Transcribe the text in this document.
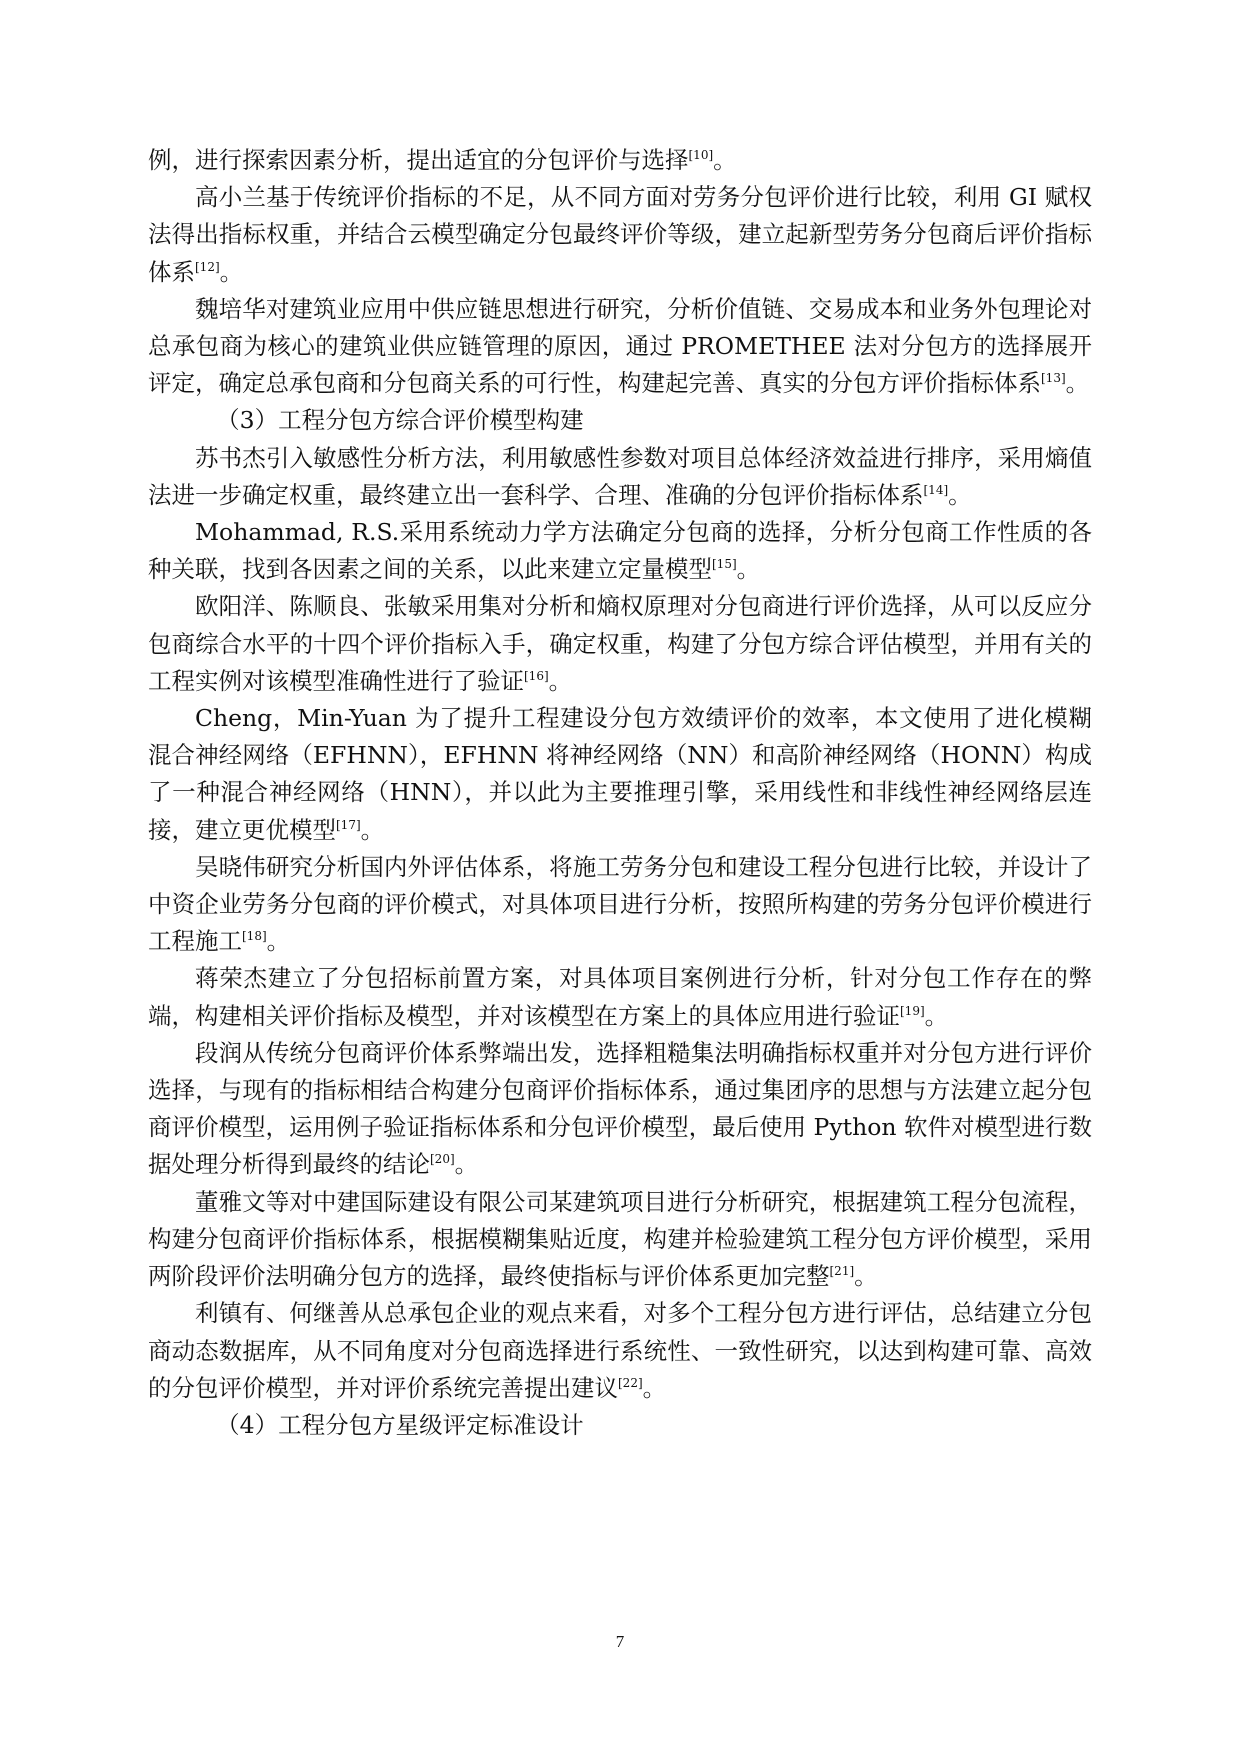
例，进行探索因素分析，提出适宜的分包评价与选择[10]。

高小兰基于传统评价指标的不足，从不同方面对劳务分包评价进行比较，利用 GI 赋权法得出指标权重，并结合云模型确定分包最终评价等级，建立起新型劳务分包商后评价指标体系[12]。

魏培华对建筑业应用中供应链思想进行研究，分析价值链、交易成本和业务外包理论对总承包商为核心的建筑业供应链管理的原因，通过 PROMETHEE 法对分包方的选择展开评定，确定总承包商和分包商关系的可行性，构建起完善、真实的分包方评价指标体系[13]。

（3）工程分包方综合评价模型构建

苏书杰引入敏感性分析方法，利用敏感性参数对项目总体经济效益进行排序，采用熵值法进一步确定权重，最终建立出一套科学、合理、准确的分包评价指标体系[14]。

Mohammad, R.S.采用系统动力学方法确定分包商的选择，分析分包商工作性质的各种关联，找到各因素之间的关系，以此来建立定量模型[15]。

欧阳洋、陈顺良、张敏采用集对分析和熵权原理对分包商进行评价选择，从可以反应分包商综合水平的十四个评价指标入手，确定权重，构建了分包方综合评估模型，并用有关的工程实例对该模型准确性进行了验证[16]。

Cheng，Min-Yuan 为了提升工程建设分包方效绩评价的效率，本文使用了进化模糊混合神经网络（EFHNN），EFHNN 将神经网络（NN）和高阶神经网络（HONN）构成了一种混合神经网络（HNN），并以此为主要推理引擎，采用线性和非线性神经网络层连接，建立更优模型[17]。

吴晓伟研究分析国内外评估体系，将施工劳务分包和建设工程分包进行比较，并设计了中资企业劳务分包商的评价模式，对具体项目进行分析，按照所构建的劳务分包评价模进行工程施工[18]。

蒋荣杰建立了分包招标前置方案，对具体项目案例进行分析，针对分包工作存在的弊端，构建相关评价指标及模型，并对该模型在方案上的具体应用进行验证[19]。

段润从传统分包商评价体系弊端出发，选择粗糙集法明确指标权重并对分包方进行评价选择，与现有的指标相结合构建分包商评价指标体系，通过集团序的思想与方法建立起分包商评价模型，运用例子验证指标体系和分包评价模型，最后使用 Python 软件对模型进行数据处理分析得到最终的结论[20]。

董雅文等对中建国际建设有限公司某建筑项目进行分析研究，根据建筑工程分包流程，构建分包商评价指标体系，根据模糊集贴近度，构建并检验建筑工程分包方评价模型，采用两阶段评价法明确分包方的选择，最终使指标与评价体系更加完整[21]。

利镇有、何继善从总承包企业的观点来看，对多个工程分包方进行评估，总结建立分包商动态数据库，从不同角度对分包商选择进行系统性、一致性研究，以达到构建可靠、高效的分包评价模型，并对评价系统完善提出建议[22]。

（4）工程分包方星级评定标准设计

7
